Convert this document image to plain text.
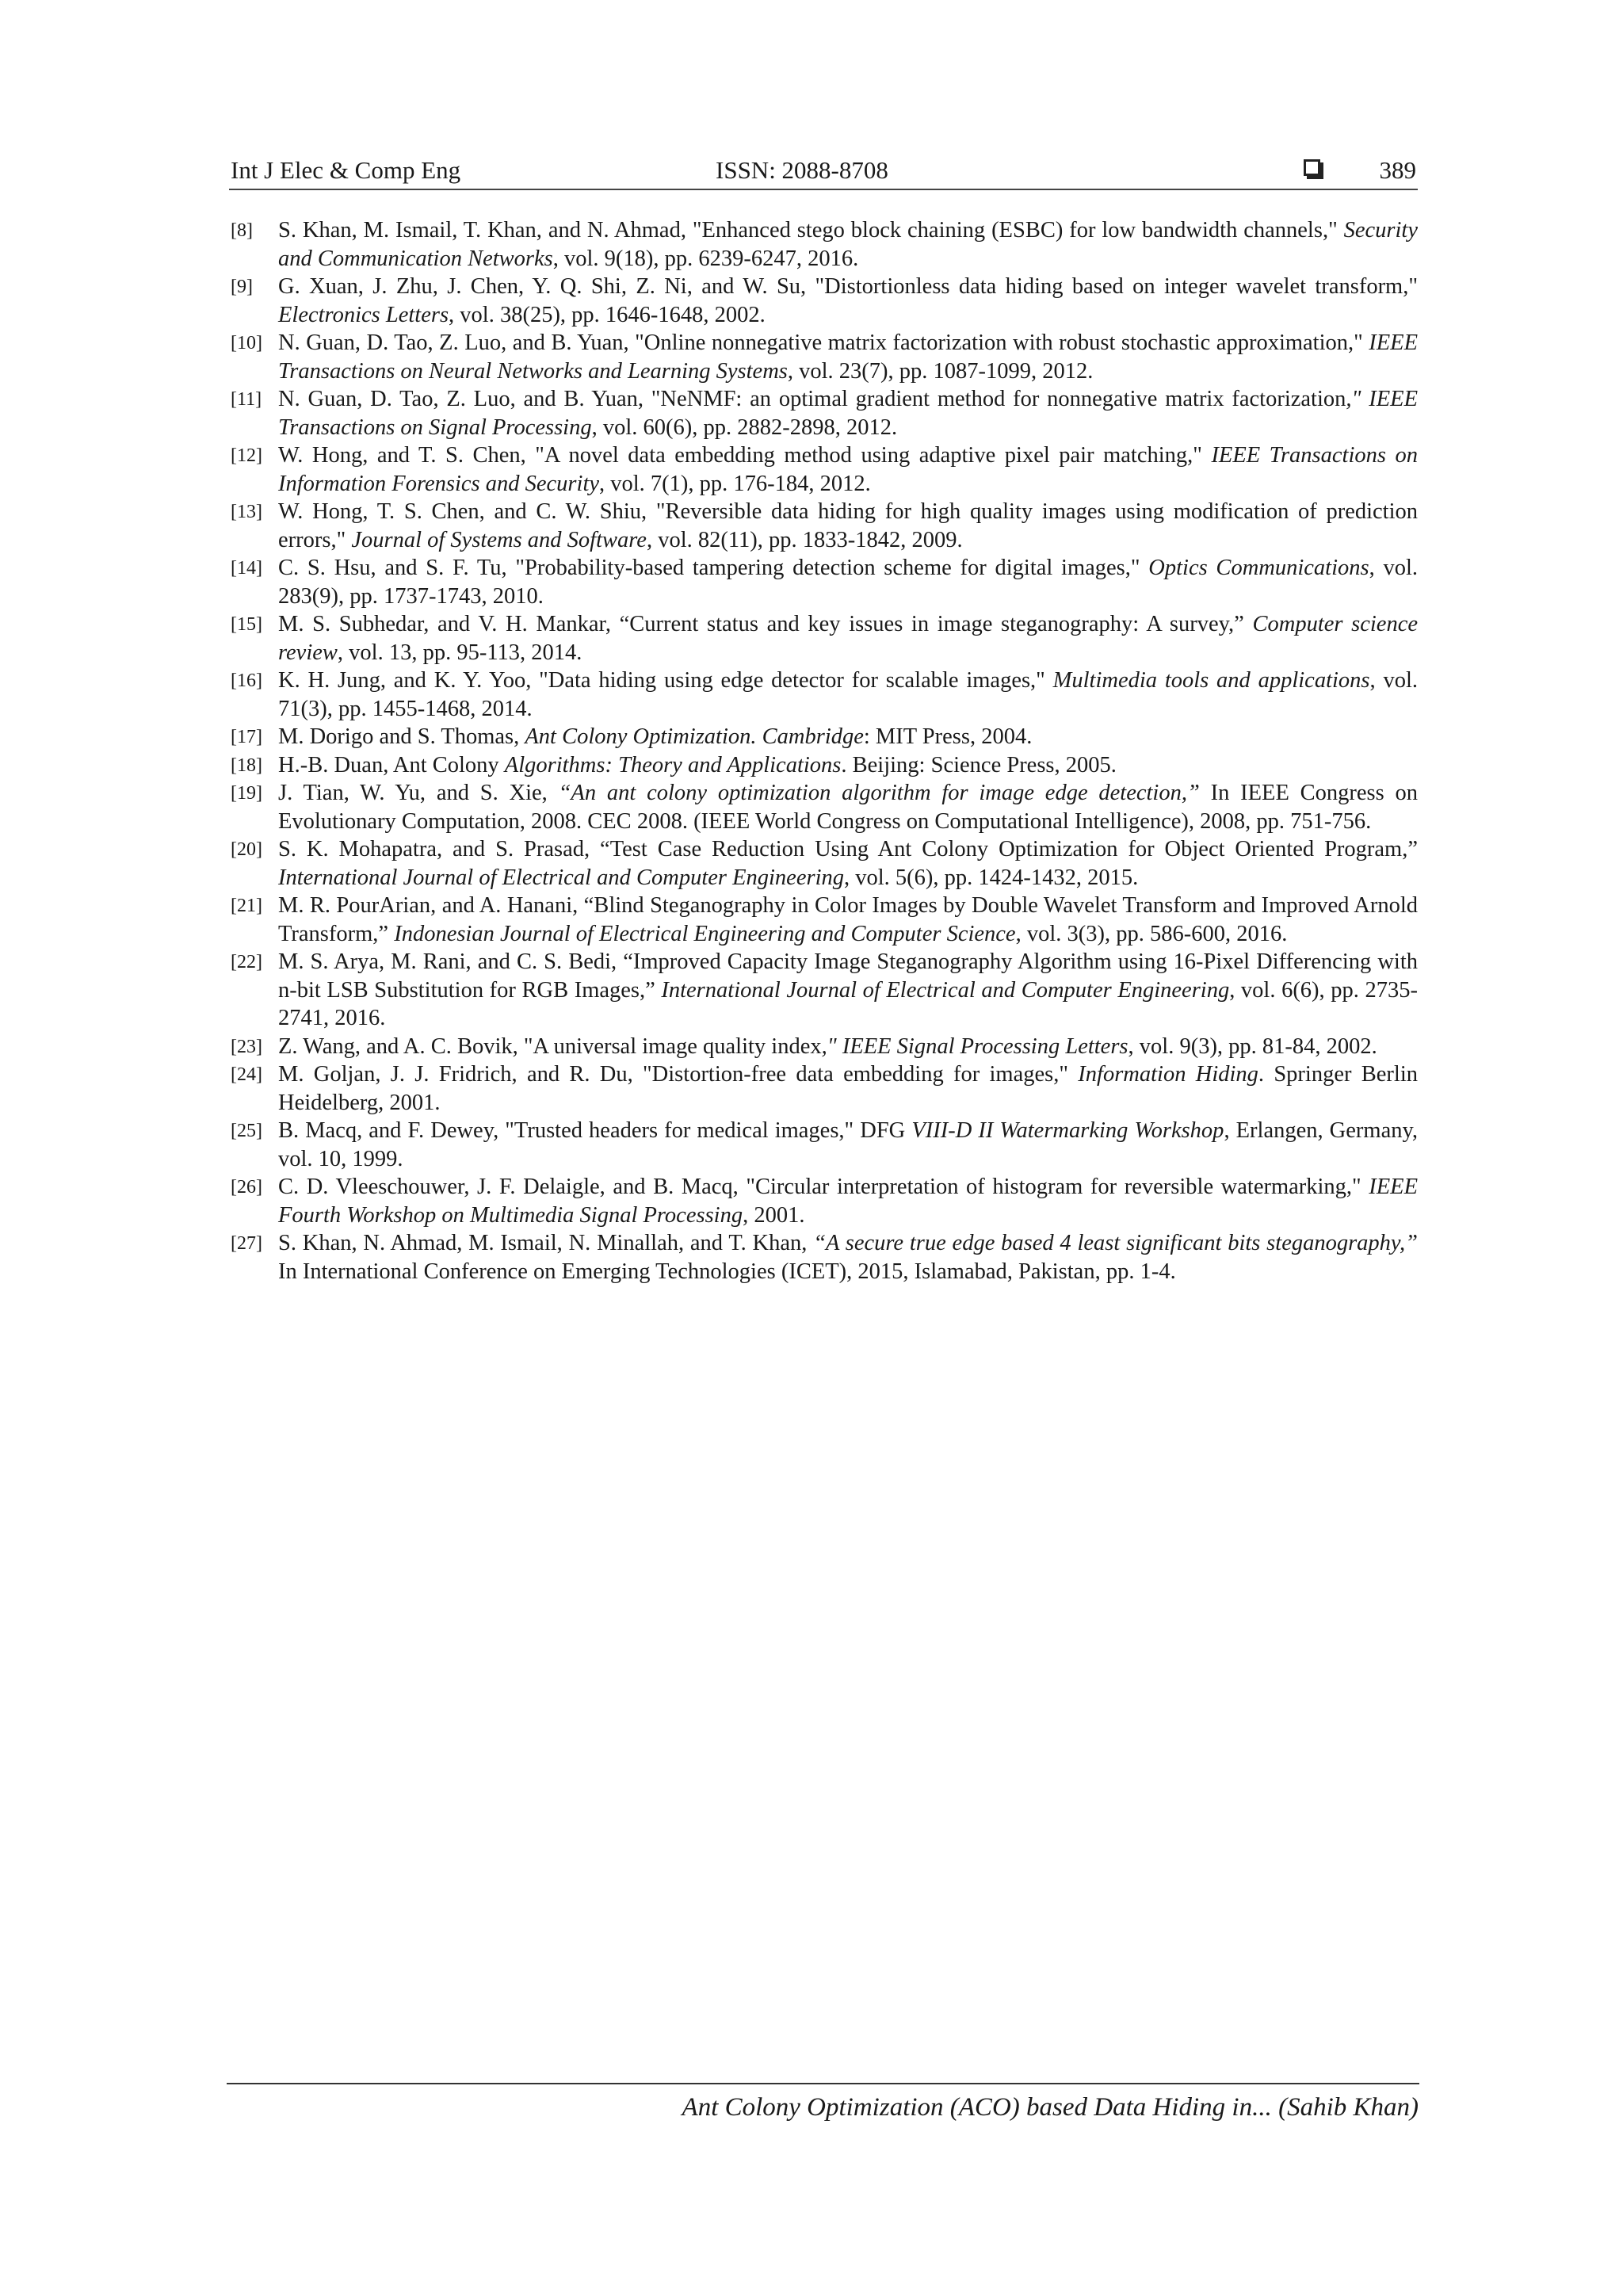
Int J Elec & Comp Eng	ISSN: 2088-8708	389
[8] S. Khan, M. Ismail, T. Khan, and N. Ahmad, "Enhanced stego block chaining (ESBC) for low bandwidth channels," Security and Communication Networks, vol. 9(18), pp. 6239-6247, 2016.
[9] G. Xuan, J. Zhu, J. Chen, Y. Q. Shi, Z. Ni, and W. Su, "Distortionless data hiding based on integer wavelet transform," Electronics Letters, vol. 38(25), pp. 1646-1648, 2002.
[10] N. Guan, D. Tao, Z. Luo, and B. Yuan, "Online nonnegative matrix factorization with robust stochastic approximation," IEEE Transactions on Neural Networks and Learning Systems, vol. 23(7), pp. 1087-1099, 2012.
[11] N. Guan, D. Tao, Z. Luo, and B. Yuan, "NeNMF: an optimal gradient method for nonnegative matrix factorization," IEEE Transactions on Signal Processing, vol. 60(6), pp. 2882-2898, 2012.
[12] W. Hong, and T. S. Chen, "A novel data embedding method using adaptive pixel pair matching," IEEE Transactions on Information Forensics and Security, vol. 7(1), pp. 176-184, 2012.
[13] W. Hong, T. S. Chen, and C. W. Shiu, "Reversible data hiding for high quality images using modification of prediction errors," Journal of Systems and Software, vol. 82(11), pp. 1833-1842, 2009.
[14] C. S. Hsu, and S. F. Tu, "Probability-based tampering detection scheme for digital images," Optics Communications, vol. 283(9), pp. 1737-1743, 2010.
[15] M. S. Subhedar, and V. H. Mankar, “Current status and key issues in image steganography: A survey,” Computer science review, vol. 13, pp. 95-113, 2014.
[16] K. H. Jung, and K. Y. Yoo, "Data hiding using edge detector for scalable images," Multimedia tools and applications, vol. 71(3), pp. 1455-1468, 2014.
[17] M. Dorigo and S. Thomas, Ant Colony Optimization. Cambridge: MIT Press, 2004.
[18] H.-B. Duan, Ant Colony Algorithms: Theory and Applications. Beijing: Science Press, 2005.
[19] J. Tian, W. Yu, and S. Xie, “An ant colony optimization algorithm for image edge detection,” In IEEE Congress on Evolutionary Computation, 2008. CEC 2008. (IEEE World Congress on Computational Intelligence), 2008, pp. 751-756.
[20] S. K. Mohapatra, and S. Prasad, “Test Case Reduction Using Ant Colony Optimization for Object Oriented Program,” International Journal of Electrical and Computer Engineering, vol. 5(6), pp. 1424-1432, 2015.
[21] M. R. PourArian, and A. Hanani, “Blind Steganography in Color Images by Double Wavelet Transform and Improved Arnold Transform,” Indonesian Journal of Electrical Engineering and Computer Science, vol. 3(3), pp. 586-600, 2016.
[22] M. S. Arya, M. Rani, and C. S. Bedi, “Improved Capacity Image Steganography Algorithm using 16-Pixel Differencing with n-bit LSB Substitution for RGB Images,” International Journal of Electrical and Computer Engineering, vol. 6(6), pp. 2735-2741, 2016.
[23] Z. Wang, and A. C. Bovik, "A universal image quality index," IEEE Signal Processing Letters, vol. 9(3), pp. 81-84, 2002.
[24] M. Goljan, J. J. Fridrich, and R. Du, "Distortion-free data embedding for images," Information Hiding. Springer Berlin Heidelberg, 2001.
[25] B. Macq, and F. Dewey, "Trusted headers for medical images," DFG VIII-D II Watermarking Workshop, Erlangen, Germany, vol. 10, 1999.
[26] C. D. Vleeschouwer, J. F. Delaigle, and B. Macq, "Circular interpretation of histogram for reversible watermarking," IEEE Fourth Workshop on Multimedia Signal Processing, 2001.
[27] S. Khan, N. Ahmad, M. Ismail, N. Minallah, and T. Khan, “A secure true edge based 4 least significant bits steganography,” In International Conference on Emerging Technologies (ICET), 2015, Islamabad, Pakistan, pp. 1-4.
Ant Colony Optimization (ACO) based Data Hiding in... (Sahib Khan)
